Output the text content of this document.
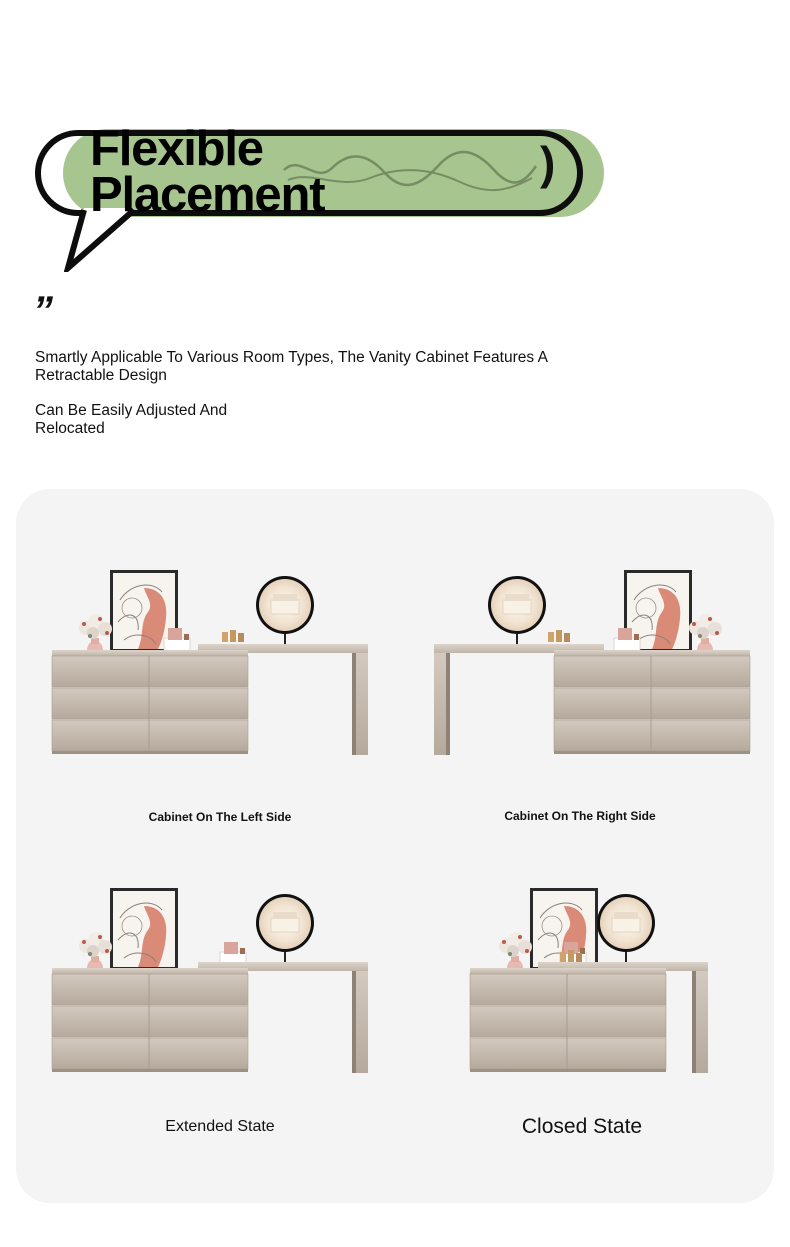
)
Flexible
Placement
”

Smartly Applicable To Various Room Types, The Vanity Cabinet Features A Retractable Design

Can Be Easily Adjusted And Relocated

Cabinet On The Left Side	Cabinet On The Right Side

Extended State	Closed State
